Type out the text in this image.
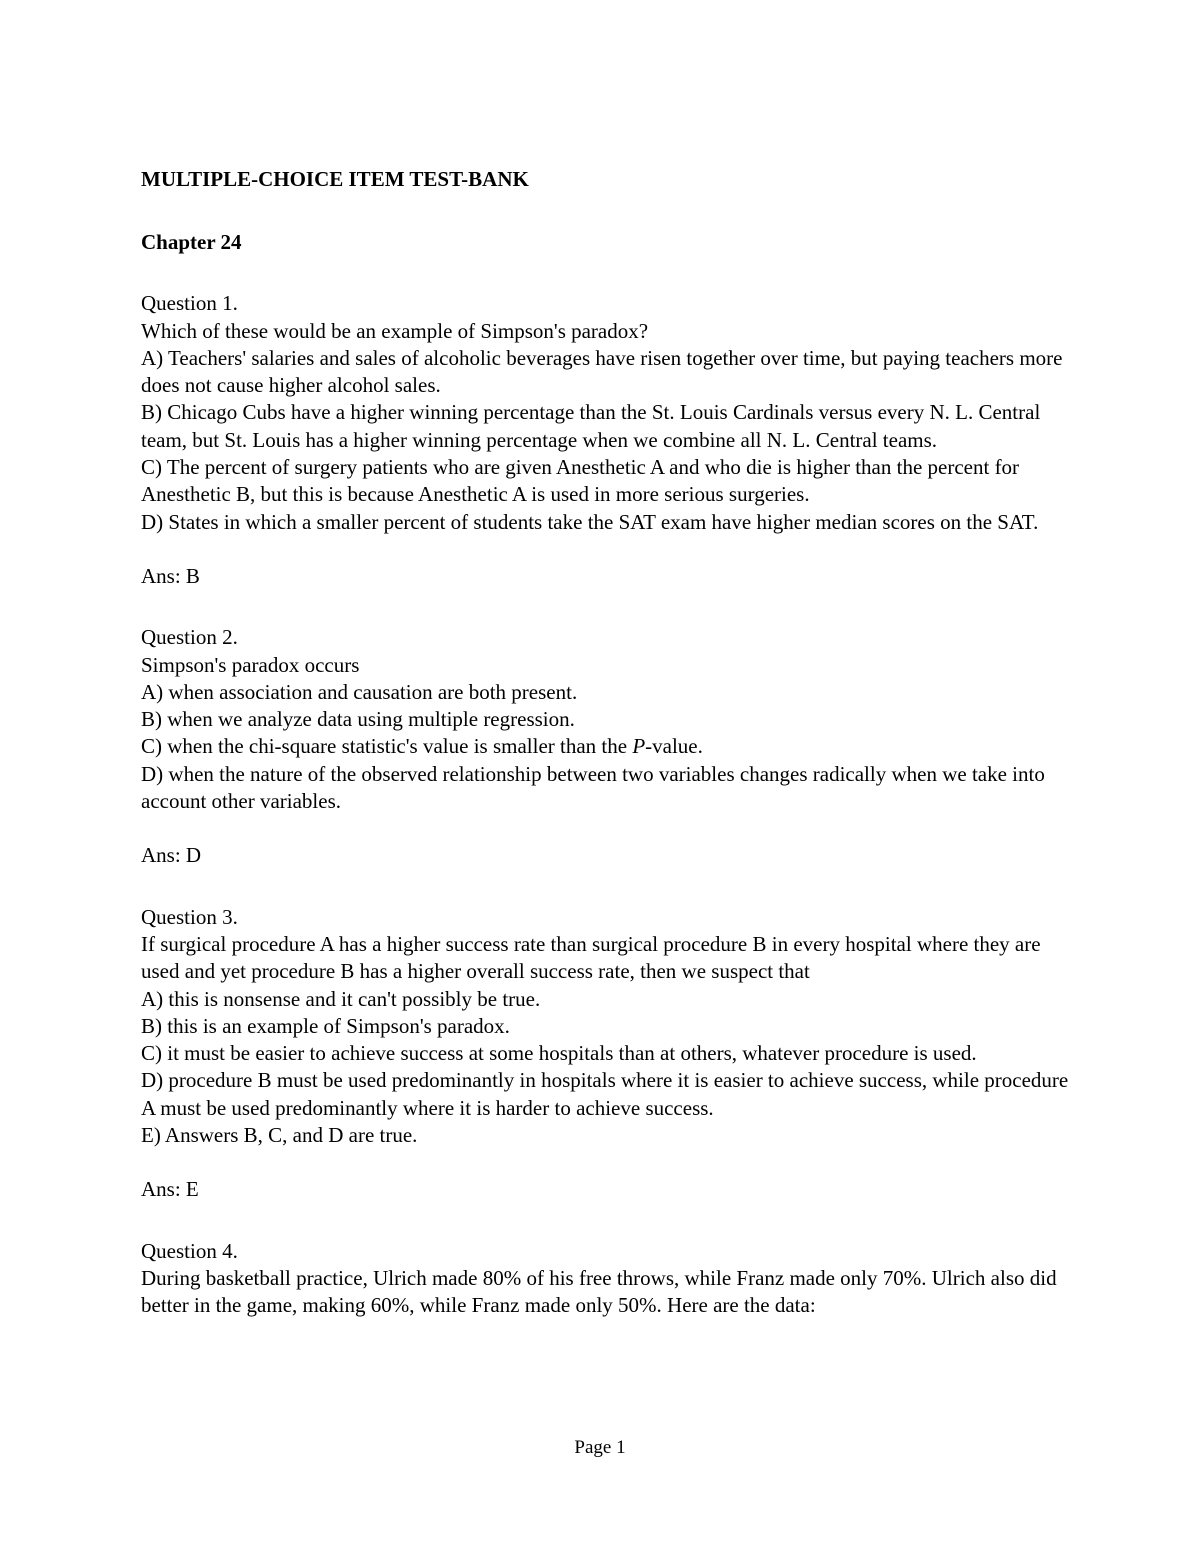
MULTIPLE-CHOICE ITEM TEST-BANK

Chapter 24

Question 1.

Which of these would be an example of Simpson's paradox?

A) Teachers' salaries and sales of alcoholic beverages have risen together over time, but paying teachers more does not cause higher alcohol sales.

B) Chicago Cubs have a higher winning percentage than the St. Louis Cardinals versus every N. L. Central team, but St. Louis has a higher winning percentage when we combine all N. L. Central teams.

C) The percent of surgery patients who are given Anesthetic A and who die is higher than the percent for Anesthetic B, but this is because Anesthetic A is used in more serious surgeries.

D) States in which a smaller percent of students take the SAT exam have higher median scores on the SAT.

Ans: B

Question 2.

Simpson's paradox occurs

A) when association and causation are both present.

B) when we analyze data using multiple regression.

C) when the chi-square statistic's value is smaller than the P-value.

D) when the nature of the observed relationship between two variables changes radically when we take into account other variables.

Ans: D

Question 3.

If surgical procedure A has a higher success rate than surgical procedure B in every hospital where they are used and yet procedure B has a higher overall success rate, then we suspect that

A) this is nonsense and it can't possibly be true.

B) this is an example of Simpson's paradox.

C) it must be easier to achieve success at some hospitals than at others, whatever procedure is used.

D) procedure B must be used predominantly in hospitals where it is easier to achieve success, while procedure A must be used predominantly where it is harder to achieve success.

E) Answers B, C, and D are true.

Ans: E

Question 4.

During basketball practice, Ulrich made 80% of his free throws, while Franz made only 70%. Ulrich also did better in the game, making 60%, while Franz made only 50%. Here are the data:

Page 1
